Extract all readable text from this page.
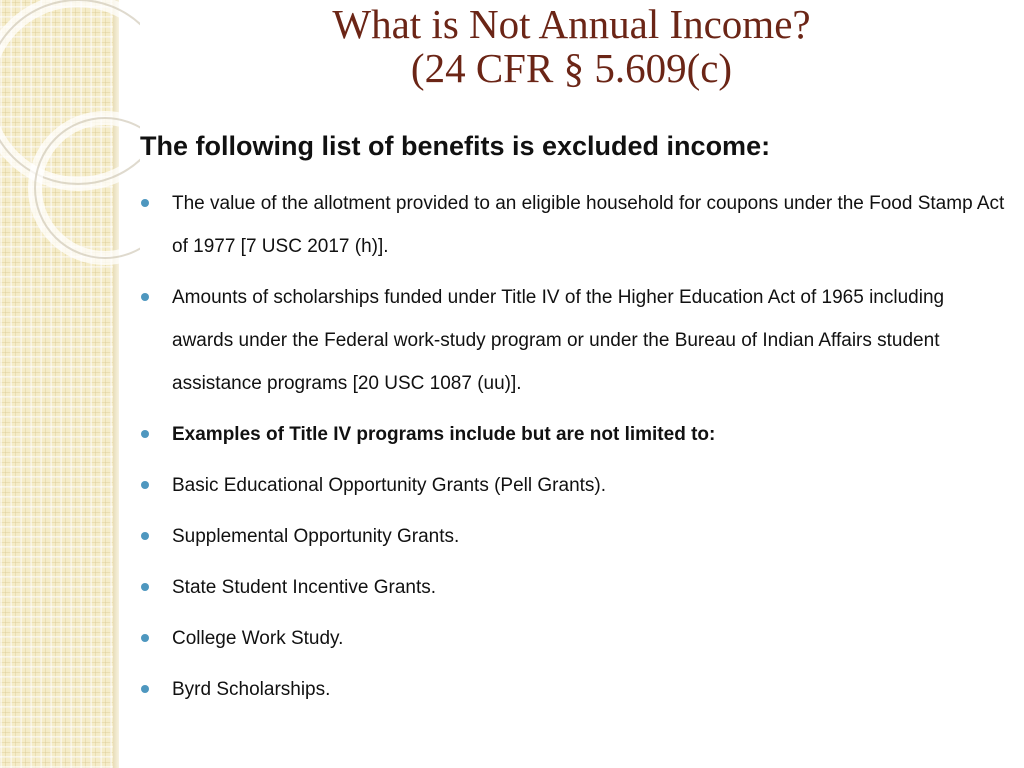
What is Not Annual Income?
(24 CFR § 5.609(c)

The following list of benefits is excluded income:

The value of the allotment provided to an eligible household for coupons under the Food Stamp Act of 1977 [7 USC 2017 (h)].
Amounts of scholarships funded under Title IV of the Higher Education Act of 1965 including awards under the Federal work-study program or under the Bureau of Indian Affairs student assistance programs [20 USC 1087 (uu)].
Examples of Title IV programs include but are not limited to:
Basic Educational Opportunity Grants (Pell Grants).
Supplemental Opportunity Grants.
State Student Incentive Grants.
College Work Study.
Byrd Scholarships.
